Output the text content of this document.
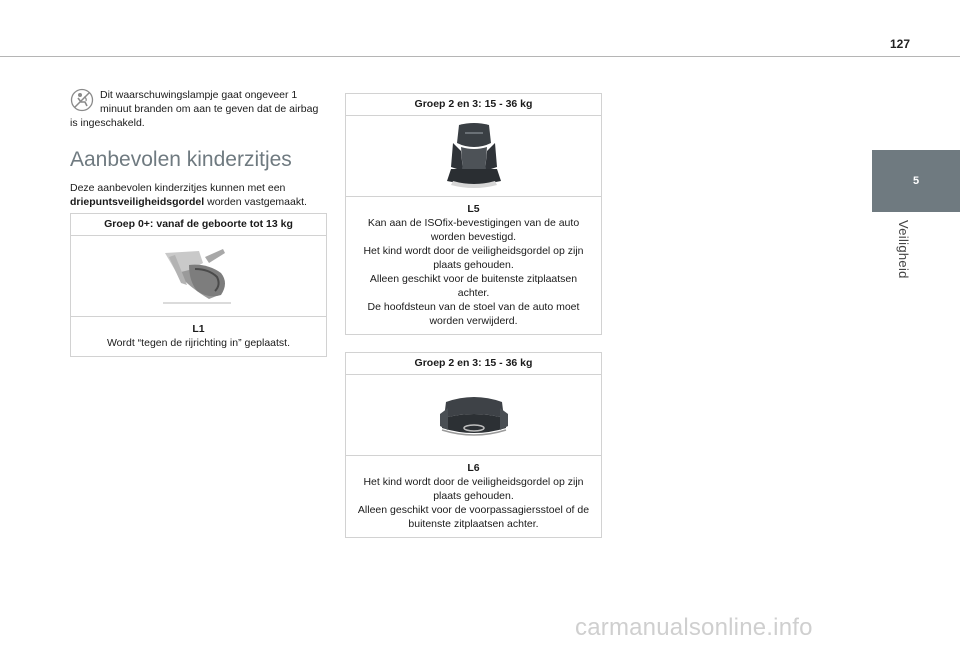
127
5
Veiligheid
Dit waarschuwingslampje gaat ongeveer 1 minuut branden om aan te geven dat de airbag is ingeschakeld.
Aanbevolen kinderzitjes
Deze aanbevolen kinderzitjes kunnen met een driepuntsveiligheidsgordel worden vastgemaakt.
Groep 0+: vanaf de geboorte tot 13 kg
L1
Wordt “tegen de rijrichting in” geplaatst.
Groep 2 en 3: 15 - 36 kg
L5
Kan aan de ISOfix-bevestigingen van de auto worden bevestigd.
Het kind wordt door de veiligheidsgordel op zijn plaats gehouden.
Alleen geschikt voor de buitenste zitplaatsen achter.
De hoofdsteun van de stoel van de auto moet worden verwijderd.
Groep 2 en 3: 15 - 36 kg
L6
Het kind wordt door de veiligheidsgordel op zijn plaats gehouden.
Alleen geschikt voor de voorpassagiersstoel of de buitenste zitplaatsen achter.
carmanualsonline.info
